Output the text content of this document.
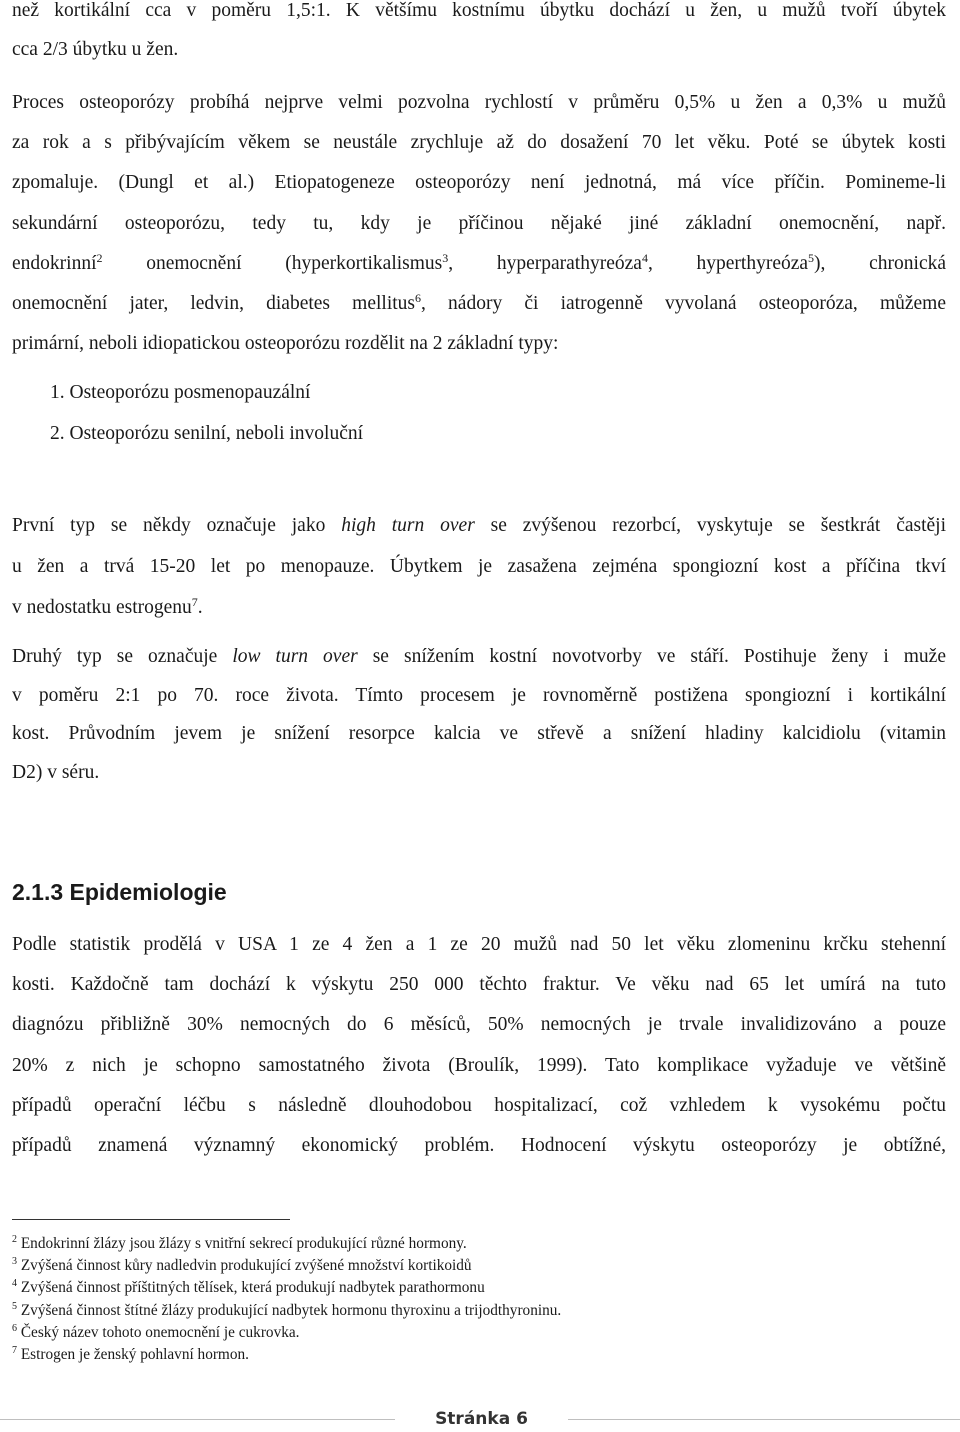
než kortikální cca v poměru 1,5:1. K většímu kostnímu úbytku dochází u žen, u mužů tvoří úbytek
cca 2/3 úbytku u žen.
Proces osteoporózy probíhá nejprve velmi pozvolna rychlostí v průměru 0,5% u žen a 0,3% u mužů
za rok a s přibývajícím věkem se neustále zrychluje až do dosažení 70 let věku. Poté se úbytek kosti
zpomaluje. (Dungl et al.) Etiopatogeneze osteoporózy není jednotná, má více příčin. Pomineme-li
sekundární osteoporózu, tedy tu, kdy je příčinou nějaké jiné základní onemocnění, např.
endokrinní$^2$ onemocnění (hyperkortikalismus$^3$, hyperparathyreóza$^4$, hyperthyreóza$^5$), chronická
onemocnění jater, ledvin, diabetes mellitus$^6$, nádory či iatrogenně vyvolaná osteoporóza, můžeme
primární, neboli idiopatickou osteoporózu rozdělit na 2 základní typy:
1. Osteoporózu posmenopauzální
2. Osteoporózu senilní, neboli involuční
První typ se někdy označuje jako high turn over se zvýšenou rezorbcí, vyskytuje se šestkrát častěji
u žen a trvá 15-20 let po menopauze. Úbytkem je zasažena zejména spongiozní kost a příčina tkví
v nedostatku estrogenu$^7$.
Druhý typ se označuje low turn over se snížením kostní novotvorby ve stáří. Postihuje ženy i muže
v poměru 2:1 po 70. roce života. Tímto procesem je rovnoměrně postižena spongiozní i kortikální
kost. Průvodním jevem je snížení resorpce kalcia ve střevě a snížení hladiny kalcidiolu (vitamin
D2) v séru.
2.1.3 Epidemiologie
Podle statistik prodělá v USA 1 ze 4 žen a 1 ze 20 mužů nad 50 let věku zlomeninu krčku stehenní
kosti. Každočně tam dochází k výskytu 250 000 těchto fraktur. Ve věku nad 65 let umírá na tuto
diagnózu přibližně 30% nemocných do 6 měsíců, 50% nemocných je trvale invalidizováno a pouze
20% z nich je schopno samostatného života (Broulík, 1999). Tato komplikace vyžaduje ve většině
případů operační léčbu s následně dlouhodobou hospitalizací, což vzhledem k vysokému počtu
případů znamená významný ekonomický problém. Hodnocení výskytu osteoporózy je obtížné,
$^2$ Endokrinní žlázy jsou žlázy s vnitřní sekrecí produkující různé hormony.
$^3$ Zvýšená činnost kůry nadledvin produkující zvýšené množství kortikoidů
$^4$ Zvýšená činnost příštitných tělísek, která produkují nadbytek parathormonu
$^5$ Zvýšená činnost štítné žlázy produkující nadbytek hormonu thyroxinu a trijodthyroninu.
$^6$ Český název tohoto onemocnění je cukrovka.
$^7$ Estrogen je ženský pohlavní hormon.
Stránka 6
